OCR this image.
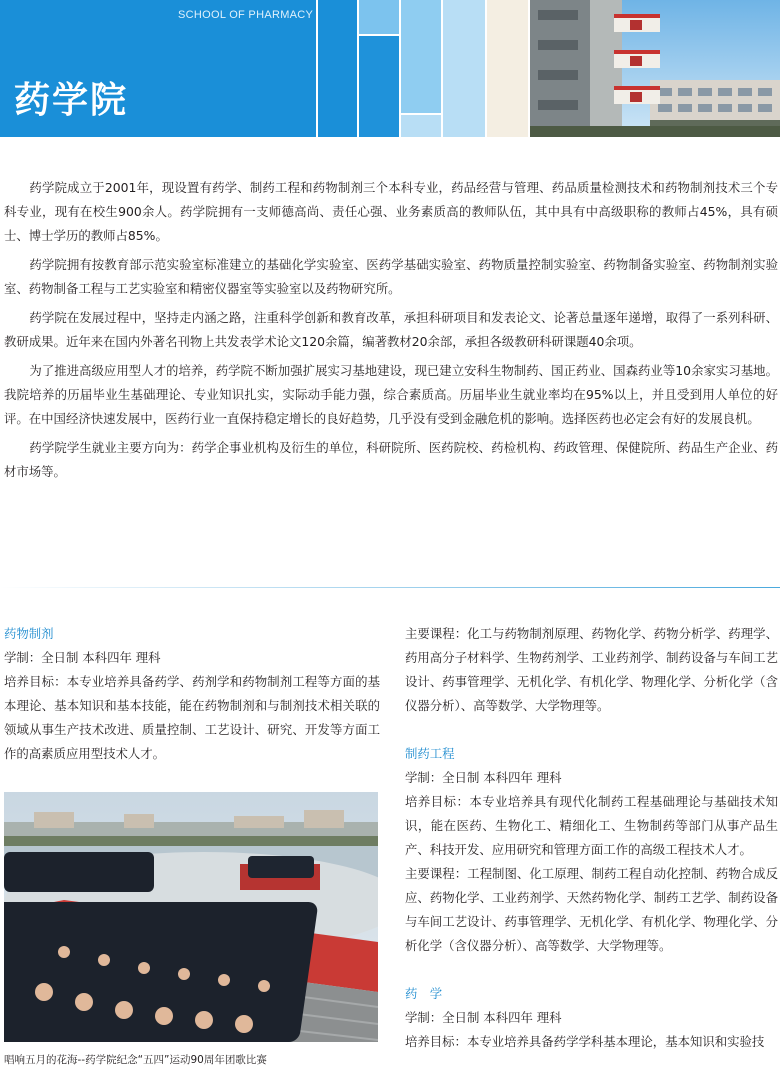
SCHOOL OF PHARMACY
药学院

药学院成立于2001年，现设置有药学、制药工程和药物制剂三个本科专业，药品经营与管理、药品质量检测技术和药物制剂技术三个专科专业，现有在校生900余人。药学院拥有一支师德高尚、责任心强、业务素质高的教师队伍，其中具有中高级职称的教师占45%，具有硕士、博士学历的教师占85%。

药学院拥有按教育部示范实验室标准建立的基础化学实验室、医药学基础实验室、药物质量控制实验室、药物制备实验室、药物制剂实验室、药物制备工程与工艺实验室和精密仪器室等实验室以及药物研究所。

药学院在发展过程中，坚持走内涵之路，注重科学创新和教育改革，承担科研项目和发表论文、论著总量逐年递增，取得了一系列科研、教研成果。近年来在国内外著名刊物上共发表学术论文120余篇，编著教材20余部，承担各级教研科研课题40余项。

为了推进高级应用型人才的培养，药学院不断加强扩展实习基地建设，现已建立安科生物制药、国正药业、国森药业等10余家实习基地。我院培养的历届毕业生基础理论、专业知识扎实，实际动手能力强，综合素质高。历届毕业生就业率均在95%以上，并且受到用人单位的好评。在中国经济快速发展中，医药行业一直保持稳定增长的良好趋势，几乎没有受到金融危机的影响。选择医药也必定会有好的发展良机。

药学院学生就业主要方向为：药学企事业机构及衍生的单位，科研院所、医药院校、药检机构、药政管理、保健院所、药品生产企业、药材市场等。

药物制剂
学制：全日制 本科四年 理科
培养目标：本专业培养具备药学、药剂学和药物制剂工程等方面的基本理论、基本知识和基本技能，能在药物制剂和与制剂技术相关联的领域从事生产技术改进、质量控制、工艺设计、研究、开发等方面工作的高素质应用型技术人才。
唱响五月的花海--药学院纪念“五四”运动90周年团歌比赛
主要课程：化工与药物制剂原理、药物化学、药物分析学、药理学、药用高分子材料学、生物药剂学、工业药剂学、制药设备与车间工艺设计、药事管理学、无机化学、有机化学、物理化学、分析化学（含仪器分析）、高等数学、大学物理等。
制药工程
学制：全日制 本科四年 理科
培养目标：本专业培养具有现代化制药工程基础理论与基础技术知识，能在医药、生物化工、精细化工、生物制药等部门从事产品生产、科技开发、应用研究和管理方面工作的高级工程技术人才。
主要课程：工程制图、化工原理、制药工程自动化控制、药物合成反应、药物化学、工业药剂学、天然药物化学、制药工艺学、制药设备与车间工艺设计、药事管理学、无机化学、有机化学、物理化学、分析化学（含仪器分析）、高等数学、大学物理等。
药　学
学制：全日制 本科四年 理科
培养目标：本专业培养具备药学学科基本理论，基本知识和实验技
